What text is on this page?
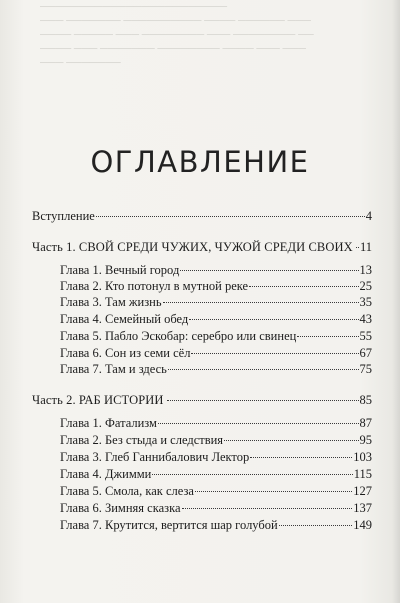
────────────────────────
─── ─────── ────────── ──── ────── ───
──── ───── ─── ──────── ─── ──────── ──
──── ─── ─────── ──────── ──── ─── ───
─── ───────
ОГЛАВЛЕНИЕ
Вступление	4
Часть 1. СВОЙ СРЕДИ ЧУЖИХ, ЧУЖОЙ СРЕДИ СВОИХ 11
Глава 1. Вечный город	13
Глава 2. Кто потонул в мутной реке	25
Глава 3. Там жизнь	35
Глава 4. Семейный обед	43
Глава 5. Пабло Эскобар: серебро или свинец	55
Глава 6. Сон из семи сёл	67
Глава 7. Там и здесь	75
Часть 2. РАБ ИСТОРИИ	85
Глава 1. Фатализм	87
Глава 2. Без стыда и следствия	95
Глава 3. Глеб Ганнибалович Лектор	103
Глава 4. Джимми	115
Глава 5. Смола, как слеза	127
Глава 6. Зимняя сказка	137
Глава 7. Крутится, вертится шар голубой	149
